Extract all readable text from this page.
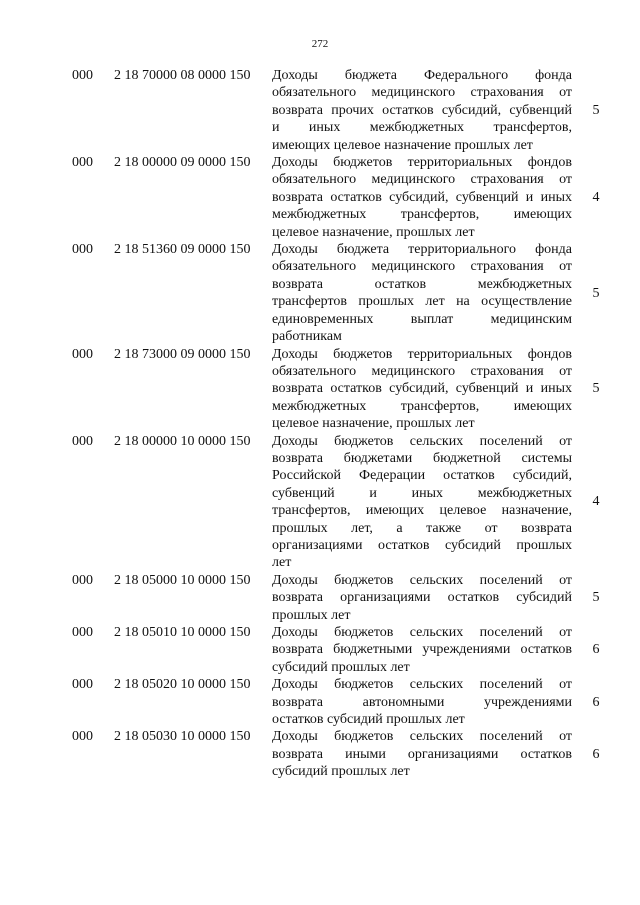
272
000	2 18 70000 08 0000 150	Доходы бюджета Федерального фонда
обязательного медицинского страхования от
возврата прочих остатков субсидий, субвенций
и иных межбюджетных трансфертов,
имеющих целевое назначение прошлых лет
5
000	2 18 00000 09 0000 150	Доходы бюджетов территориальных фондов
обязательного медицинского страхования от
возврата остатков субсидий, субвенций и иных
межбюджетных трансфертов, имеющих
целевое назначение, прошлых лет
4
000	2 18 51360 09 0000 150	Доходы бюджета территориального фонда
обязательного медицинского страхования от
возврата остатков межбюджетных
трансфертов прошлых лет на осуществление
единовременных выплат медицинским
работникам
5
000	2 18 73000 09 0000 150	Доходы бюджетов территориальных фондов
обязательного медицинского страхования от
возврата остатков субсидий, субвенций и иных
межбюджетных трансфертов, имеющих
целевое назначение, прошлых лет
5
000	2 18 00000 10 0000 150	Доходы бюджетов сельских поселений от
возврата бюджетами бюджетной системы
Российской Федерации остатков субсидий,
субвенций и иных межбюджетных
трансфертов, имеющих целевое назначение,
прошлых лет, а также от возврата
организациями остатков субсидий прошлых
лет
4
000	2 18 05000 10 0000 150	Доходы бюджетов сельских поселений от
возврата организациями остатков субсидий
прошлых лет
5
000	2 18 05010 10 0000 150	Доходы бюджетов сельских поселений от
возврата бюджетными учреждениями остатков
субсидий прошлых лет
6
000	2 18 05020 10 0000 150	Доходы бюджетов сельских поселений от
возврата автономными учреждениями
остатков субсидий прошлых лет
6
000	2 18 05030 10 0000 150	Доходы бюджетов сельских поселений от
возврата иными организациями остатков
субсидий прошлых лет
6
